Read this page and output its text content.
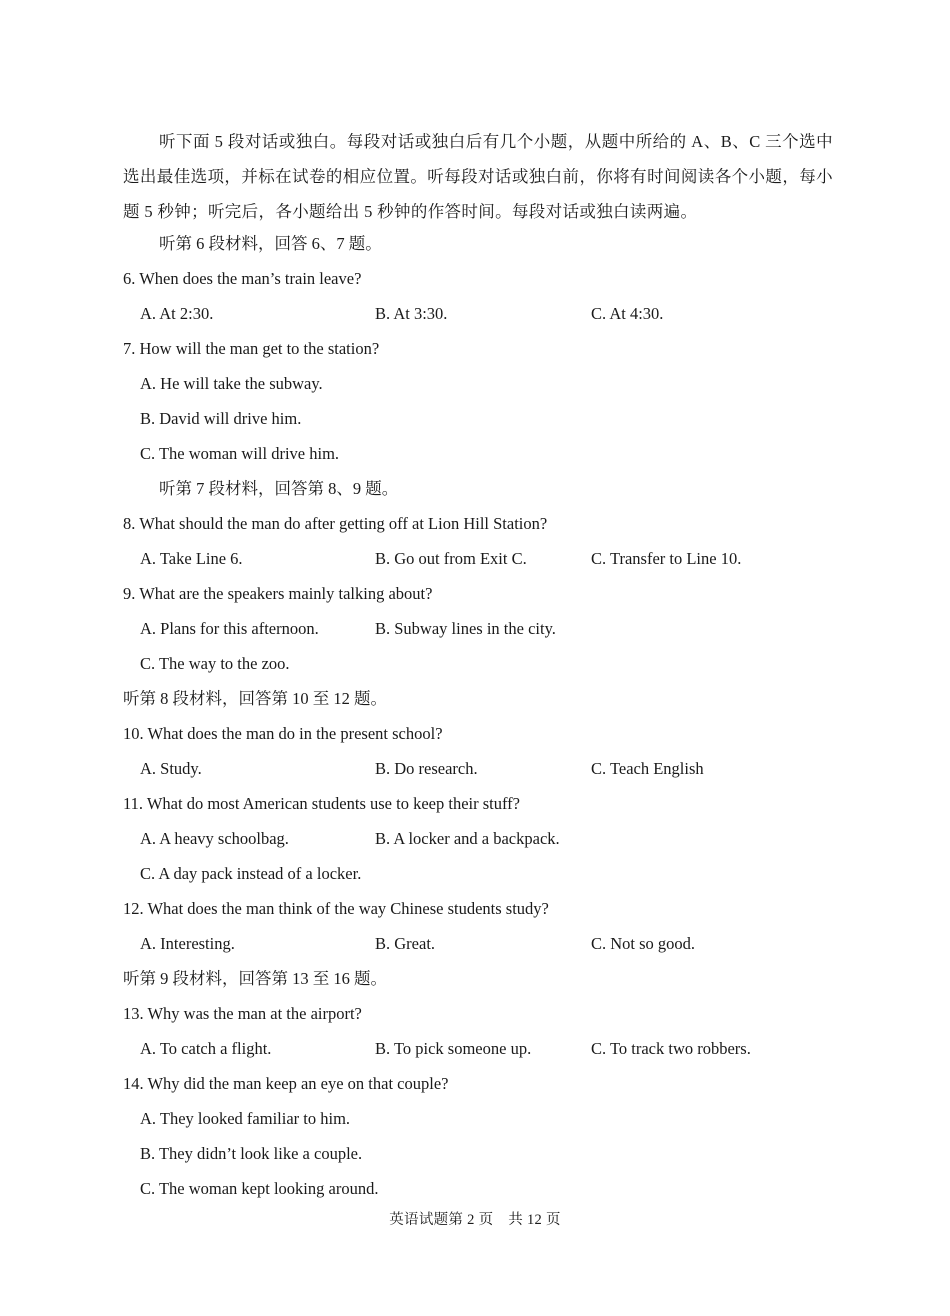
听下面 5 段对话或独白。每段对话或独白后有几个小题，从题中所给的 A、B、C 三个选中选出最佳选项，并标在试卷的相应位置。听每段对话或独白前，你将有时间阅读各个小题，每小题 5 秒钟；听完后，各小题给出 5 秒钟的作答时间。每段对话或独白读两遍。
听第 6 段材料，回答 6、7 题。
6. When does the man’s train leave?
A. At 2:30.	B. At 3:30.	C. At 4:30.
7. How will the man get to the station?
A. He will take the subway.
B. David will drive him.
C. The woman will drive him.
听第 7 段材料，回答第 8、9 题。
8. What should the man do after getting off at Lion Hill Station?
A. Take Line 6.	B. Go out from Exit C.	C. Transfer to Line 10.
9. What are the speakers mainly talking about?
A. Plans for this afternoon.	B. Subway lines in the city.
C. The way to the zoo.
听第 8 段材料，回答第 10 至 12 题。
10. What does the man do in the present school?
A. Study.	B. Do research.	C. Teach English
11. What do most American students use to keep their stuff?
A. A heavy schoolbag.	B. A locker and a backpack.
C. A day pack instead of a locker.
12. What does the man think of the way Chinese students study?
A. Interesting.	B. Great.	C. Not so good.
听第 9 段材料，回答第 13 至 16 题。
13. Why was the man at the airport?
A. To catch a flight.	B. To pick someone up.	C. To track two robbers.
14. Why did the man keep an eye on that couple?
A. They looked familiar to him.
B. They didn’t look like a couple.
C. The woman kept looking around.
英语试题第 2 页　共 12 页
